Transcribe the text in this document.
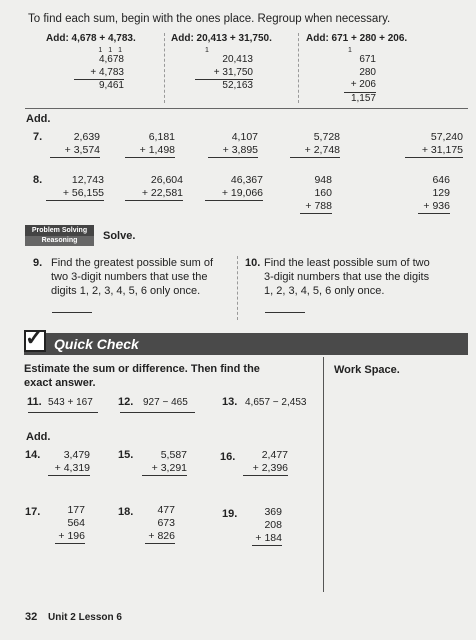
To find each sum, begin with the ones place. Regroup when necessary.
Add: 4,678 + 4,783.
1 1 1
4,678
+ 4,783
9,461
Add: 20,413 + 31,750.
1
20,413
+ 31,750
52,163
Add: 671 + 280 + 206.
1
671
280
+ 206
1,157
Add.
7.	2,639
+ 3,574
6,181
+ 1,498
4,107
+ 3,895
5,728
+ 2,748
57,240
+ 31,175
8.	12,743
+ 56,155
26,604
+ 22,581
46,367
+ 19,066
948
160
+ 788
646
129
+ 936
Problem Solving
Reasoning	Solve.
9. Find the greatest possible sum of
two 3-digit numbers that use the
digits 1, 2, 3, 4, 5, 6 only once.
10. Find the least possible sum of two
3-digit numbers that use the digits
1, 2, 3, 4, 5, 6 only once.
✓ Quick Check
Estimate the sum or difference. Then find the
exact answer.
Work Space.
11. 543 + 167 12. 927 − 465	13. 4,657 − 2,453
Add.
14.	3,479
+ 4,319
15.	5,587
+ 3,291
16.	2,477
+ 2,396
17.	177
564
+ 196
18.	477
673
+ 826
19.	369
208
+ 184
32 Unit 2 Lesson 6
